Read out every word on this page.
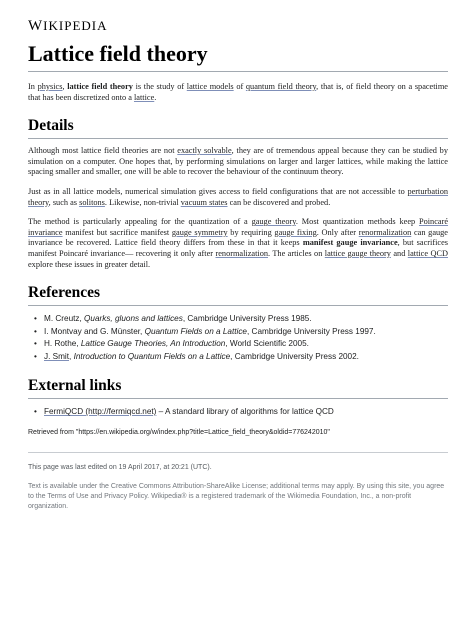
WIKIPEDIA
Lattice field theory

In physics, lattice field theory is the study of lattice models of quantum field theory, that is, of field theory on a spacetime that has been discretized onto a lattice.

Details

Although most lattice field theories are not exactly solvable, they are of tremendous appeal because they can be studied by simulation on a computer. One hopes that, by performing simulations on larger and larger lattices, while making the lattice spacing smaller and smaller, one will be able to recover the behaviour of the continuum theory.

Just as in all lattice models, numerical simulation gives access to field configurations that are not accessible to perturbation theory, such as solitons. Likewise, non-trivial vacuum states can be discovered and probed.

The method is particularly appealing for the quantization of a gauge theory. Most quantization methods keep Poincaré invariance manifest but sacrifice manifest gauge symmetry by requiring gauge fixing. Only after renormalization can gauge invariance be recovered. Lattice field theory differs from these in that it keeps manifest gauge invariance, but sacrifices manifest Poincaré invariance— recovering it only after renormalization. The articles on lattice gauge theory and lattice QCD explore these issues in greater detail.

References
• M. Creutz, Quarks, gluons and lattices, Cambridge University Press 1985.
• I. Montvay and G. Münster, Quantum Fields on a Lattice, Cambridge University Press 1997.
• H. Rothe, Lattice Gauge Theories, An Introduction, World Scientific 2005.
• J. Smit, Introduction to Quantum Fields on a Lattice, Cambridge University Press 2002.
External links
• FermiQCD (http://fermiqcd.net) – A standard library of algorithms for lattice QCD
Retrieved from "https://en.wikipedia.org/w/index.php?title=Lattice_field_theory&oldid=776242010"
This page was last edited on 19 April 2017, at 20:21 (UTC).
Text is available under the Creative Commons Attribution-ShareAlike License; additional terms may apply. By using this site, you agree to the Terms of Use and Privacy Policy. Wikipedia® is a registered trademark of the Wikimedia Foundation, Inc., a non-profit organization.
